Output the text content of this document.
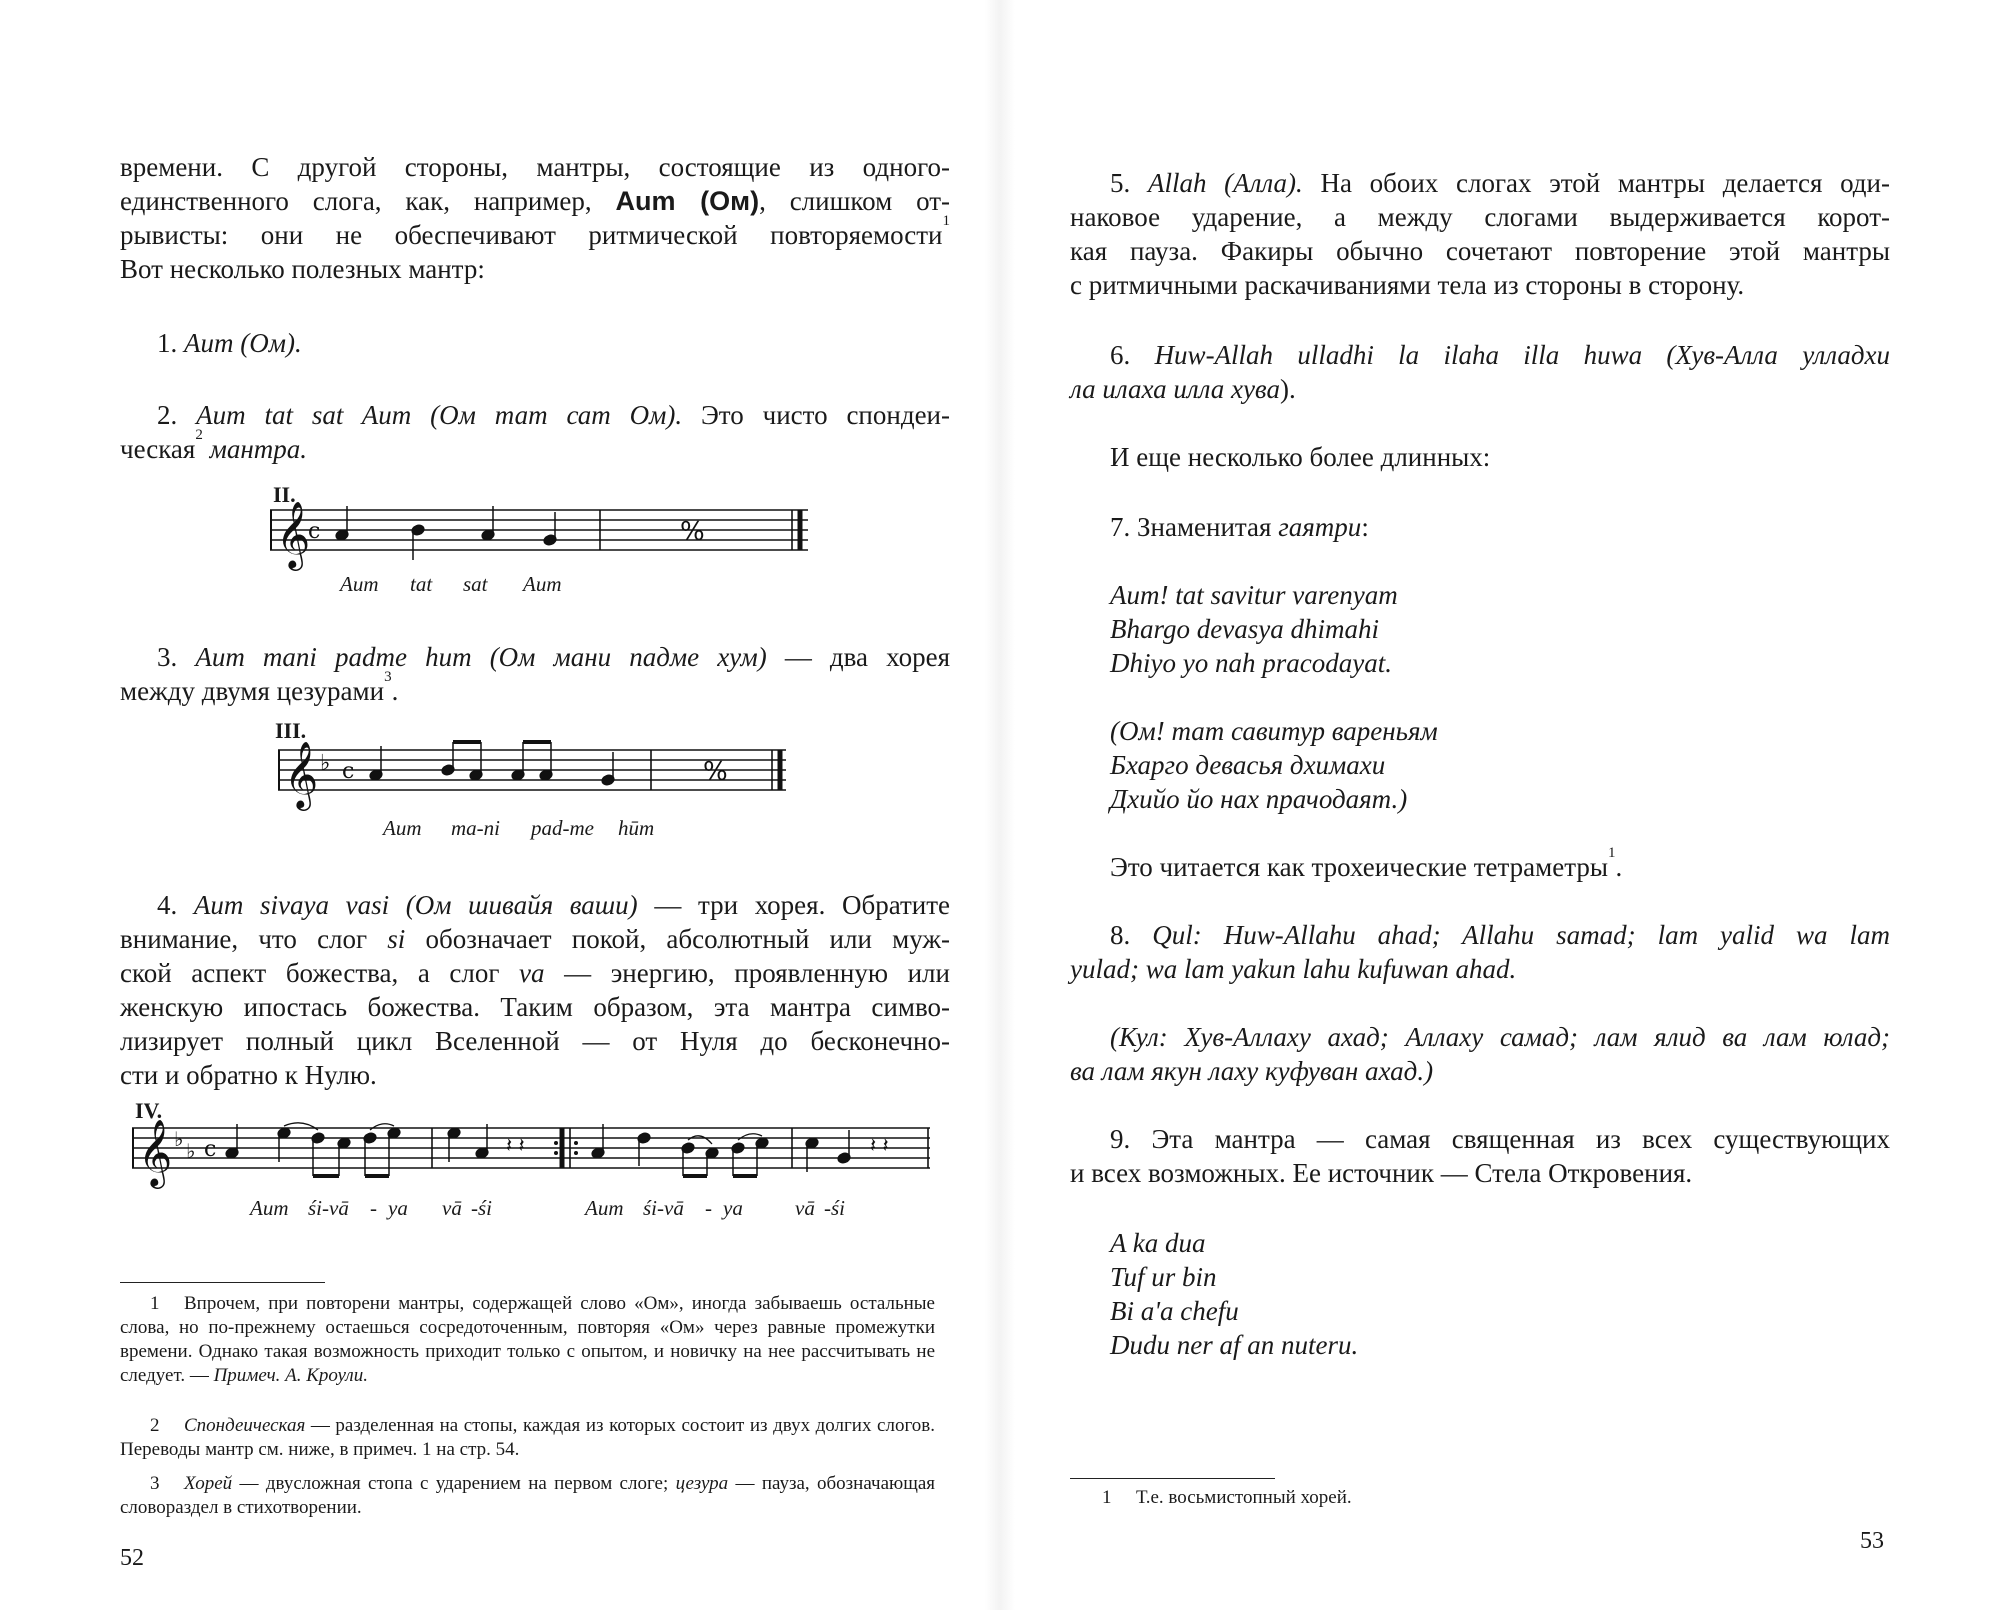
времени. С другой стороны, мантры, состоящие из одного-
единственного слога, как, например, Aum (Ом), слишком от-
рывисты: они не обеспечивают ритмической повторяемости$^1$
Вот несколько полезных мантр:
1. Aum (Ом).
2. Aum tat sat Aum (Ом тат сат Ом). Это чисто спондеи-
ческая$^2$ мантра.
II.
𝄞
c	%
Aum tat sat Aum
3. Aum mani padme hum (Ом мани падме хум) — два хорея
между двумя цезурами$^3$.
III.
𝄞 ♭ c	%
Aum ma-ni pad-me hūm
4. Aum sivaya vasi (Ом шивайя ваши) — три хорея. Обратите
внимание, что слог si обозначает покой, абсолютный или муж-
ской аспект божества, а слог va — энергию, проявленную или
женскую ипостась божества. Таким образом, эта мантра симво-
лизирует полный цикл Вселенной — от Нуля до бесконечно-
сти и обратно к Нулю.
IV.
𝄞 ♭ ♭ c	𝄽 𝄽	𝄽 𝄽
Aum śi-vā - ya vā -śi	Aum śi-vā - ya vā -śi
1 Впрочем, при повторени мантры, содержащей слово «Ом», иногда забываешь остальные слова, но по-прежнему остаешься сосредоточенным, повторяя «Ом» через равные промежутки времени. Однако такая возможность приходит только с опытом, и новичку на нее рассчитывать не следует. — Примеч. А. Кроули.
2 Спондеическая — разделенная на стопы, каждая из которых состоит из двух долгих слогов. Переводы мантр см. ниже, в примеч. 1 на стр. 54.
3 Хорей — двусложная стопа с ударением на первом слоге; цезура — пауза, обозначающая словораздел в стихотворении.
52
5. Allah (Алла). На обоих слогах этой мантры делается оди-
наковое ударение, а между слогами выдерживается корот-
кая пауза. Факиры обычно сочетают повторение этой мантры
с ритмичными раскачиваниями тела из стороны в сторону.
6. Huw-Allah ulladhi la ilaha illa huwa (Хув-Алла улладхи
ла илаха илла хува).
И еще несколько более длинных:
7. Знаменитая гаятри:
Aum! tat savitur varenyam
Bhargo devasya dhimahi
Dhiyo yo nah pracodayat.
(Ом! тат савитур вареньям
Бхарго девасья дхимахи
Дхийо йо нах прачодаят.)
Это читается как трохеические тетраметры$^1$.
8. Qul: Huw-Allahu ahad; Allahu samad; lam yalid wa lam
yulad; wa lam yakun lahu kufuwan ahad.
(Кул: Хув-Аллаху ахад; Аллаху самад; лам ялид ва лам юлад;
ва лам якун лаху куфуван ахад.)
9. Эта мантра — самая священная из всех существующих
и всех возможных. Ее источник — Стела Откровения.
A ka dua
Tuf ur bin
Bi a'a chefu
Dudu ner af an nuteru.
1 Т.е. восьмистопный хорей.
53
